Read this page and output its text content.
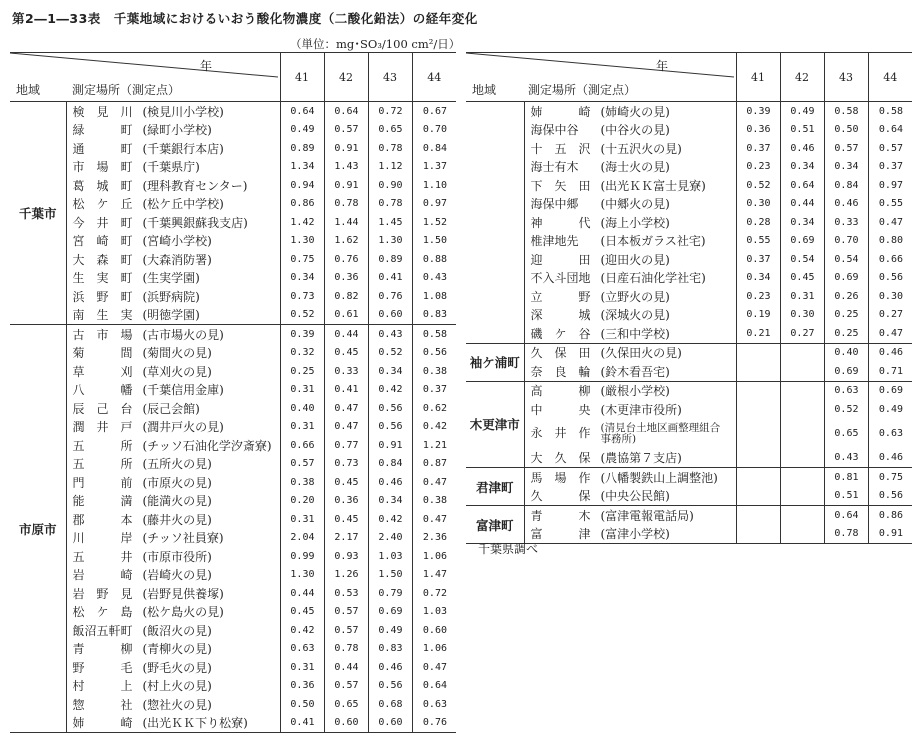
第2―1―33表　千葉地域におけるいおう酸化物濃度（二酸化鉛法）の経年変化
（単位：mg･SO₃/100 cm²/日）
年
地域 測定場所（測定点）		41	42	43	44
千葉市	検　見　川 (検見川小学校)	0.64	0.64	0.72	0.67
	緑　　　町 (緑町小学校)	0.49	0.57	0.65	0.70
	通　　　町 (千葉銀行本店)	0.89	0.91	0.78	0.84
	市　場　町 (千葉県庁)	1.34	1.43	1.12	1.37
	葛　城　町 (理科教育センター)	0.94	0.91	0.90	1.10
	松　ケ　丘 (松ケ丘中学校)	0.86	0.78	0.78	0.97
	今　井　町 (千葉興銀蘇我支店)	1.42	1.44	1.45	1.52
	宮　崎　町 (宮崎小学校)	1.30	1.62	1.30	1.50
	大　森　町 (大森消防署)	0.75	0.76	0.89	0.88
	生　実　町 (生実学園)	0.34	0.36	0.41	0.43
	浜　野　町 (浜野病院)	0.73	0.82	0.76	1.08
	南　生　実 (明徳学園)	0.52	0.61	0.60	0.83
市原市	古　市　場 (古市場火の見)	0.39	0.44	0.43	0.58
	菊　　　間 (菊間火の見)	0.32	0.45	0.52	0.56
	草　　　刈 (草刈火の見)	0.25	0.33	0.34	0.38
	八　　　幡 (千葉信用金庫)	0.31	0.41	0.42	0.37
	辰　己　台 (辰己会館)	0.40	0.47	0.56	0.62
	潤　井　戸 (潤井戸火の見)	0.31	0.47	0.56	0.42
	五　　　所 (チッソ石油化学汐斎寮)	0.66	0.77	0.91	1.21
	五　　　所 (五所火の見)	0.57	0.73	0.84	0.87
	門　　　前 (市原火の見)	0.38	0.45	0.46	0.47
	能　　　満 (能満火の見)	0.20	0.36	0.34	0.38
	郡　　　本 (藤井火の見)	0.31	0.45	0.42	0.47
	川　　　岸 (チッソ社員寮)	2.04	2.17	2.40	2.36
	五　　　井 (市原市役所)	0.99	0.93	1.03	1.06
	岩　　　崎 (岩崎火の見)	1.30	1.26	1.50	1.47
	岩　野　見 (岩野見供養塚)	0.44	0.53	0.79	0.72
	松　ケ　島 (松ケ島火の見)	0.45	0.57	0.69	1.03
	飯沼五軒町 (飯沼火の見)	0.42	0.57	0.49	0.60
	青　　　柳 (青柳火の見)	0.63	0.78	0.83	1.06
	野　　　毛 (野毛火の見)	0.31	0.44	0.46	0.47
	村　　　上 (村上火の見)	0.36	0.57	0.56	0.64
	惣　　　社 (惣社火の見)	0.50	0.65	0.68	0.63
	姉　　　崎 (出光ＫＫ下り松寮)	0.41	0.60	0.60	0.76
年
地域 測定場所（測定点）		41	42	43	44
	姉　　　崎 (姉崎火の見)	0.39	0.49	0.58	0.58
	海保中谷 (中谷火の見)	0.36	0.51	0.50	0.64
	十　五　沢 (十五沢火の見)	0.37	0.46	0.57	0.57
	海士有木 (海士火の見)	0.23	0.34	0.34	0.37
	下　矢　田 (出光ＫＫ富士見寮)	0.52	0.64	0.84	0.97
	海保中郷 (中郷火の見)	0.30	0.44	0.46	0.55
	神　　　代 (海上小学校)	0.28	0.34	0.33	0.47
	椎津地先 (日本板ガラス社宅)	0.55	0.69	0.70	0.80
	迎　　　田 (迎田火の見)	0.37	0.54	0.54	0.66
	不入斗団地 (日産石油化学社宅)	0.34	0.45	0.69	0.56
	立　　　野 (立野火の見)	0.23	0.31	0.26	0.30
	深　　　城 (深城火の見)	0.19	0.30	0.25	0.27
	磯　ケ　谷 (三和中学校)	0.21	0.27	0.25	0.47
袖ケ浦町	久　保　田 (久保田火の見)			0.40	0.46
	奈　良　輪 (鈴木看吾宅)			0.69	0.71
木更津市	高　　　柳 (厳根小学校)			0.63	0.69
	中　　　央 (木更津市役所)			0.52	0.49
	永　井　作 (清見台土地区画整理組合事務所)			0.65	0.63
	大　久　保 (農協第７支店)			0.43	0.46
君津町	馬　場　作 (八幡製鉄山上調整池)			0.81	0.75
	久　　　保 (中央公民館)			0.51	0.56
富津町	青　　　木 (富津電報電話局)			0.64	0.86
	富　　　津 (富津小学校)			0.78	0.91
千葉県調べ
